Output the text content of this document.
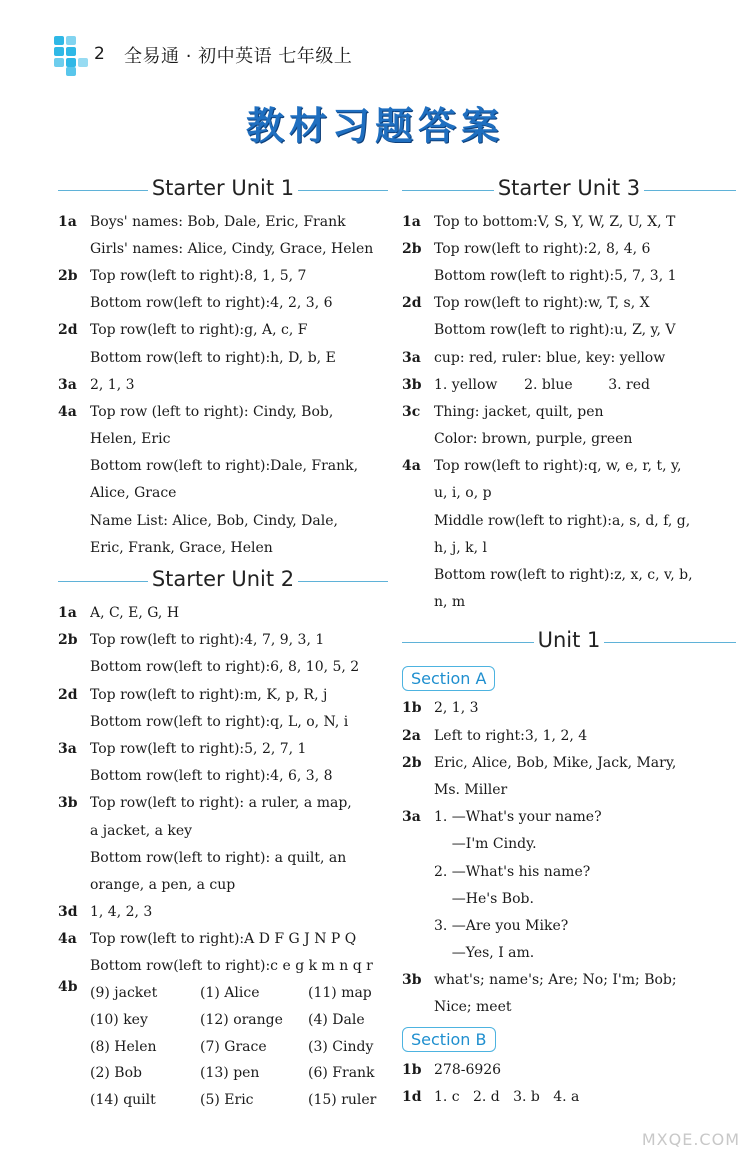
2 全易通 · 初中英语 七年级上
教材习题答案
Starter Unit 1
1a Boys' names: Bob, Dale, Eric, Frank
Girls' names: Alice, Cindy, Grace, Helen
2b Top row(left to right):8, 1, 5, 7
Bottom row(left to right):4, 2, 3, 6
2d Top row(left to right):g, A, c, F
Bottom row(left to right):h, D, b, E
3a 2, 1, 3
4a Top row (left to right): Cindy, Bob,
Helen, Eric
Bottom row(left to right):Dale, Frank,
Alice, Grace
Name List: Alice, Bob, Cindy, Dale,
Eric, Frank, Grace, Helen
Starter Unit 2
1a A, C, E, G, H
2b Top row(left to right):4, 7, 9, 3, 1
Bottom row(left to right):6, 8, 10, 5, 2
2d Top row(left to right):m, K, p, R, j
Bottom row(left to right):q, L, o, N, i
3a Top row(left to right):5, 2, 7, 1
Bottom row(left to right):4, 6, 3, 8
3b Top row(left to right): a ruler, a map,
a jacket, a key
Bottom row(left to right): a quilt, an
orange, a pen, a cup
3d 1, 4, 2, 3
4a Top row(left to right):A D F G J N P Q
Bottom row(left to right):c e g k m n q r
4b (9) jacket	(1) Alice	(11) map
(10) key	(12) orange	(4) Dale
(8) Helen	(7) Grace	(3) Cindy
(2) Bob	(13) pen	(6) Frank
(14) quilt	(5) Eric	(15) ruler
Starter Unit 3
1a Top to bottom:V, S, Y, W, Z, U, X, T
2b Top row(left to right):2, 8, 4, 6
Bottom row(left to right):5, 7, 3, 1
2d Top row(left to right):w, T, s, X
Bottom row(left to right):u, Z, y, V
3a cup: red, ruler: blue, key: yellow
3b 1. yellow      2. blue        3. red
3c Thing: jacket, quilt, pen
Color: brown, purple, green
4a Top row(left to right):q, w, e, r, t, y,
u, i, o, p
Middle row(left to right):a, s, d, f, g,
h, j, k, l
Bottom row(left to right):z, x, c, v, b,
n, m
Unit 1
Section A
1b 2, 1, 3
2a Left to right:3, 1, 2, 4
2b Eric, Alice, Bob, Mike, Jack, Mary,
Ms. Miller
3a 1. —What's your name?
—I'm Cindy.
2. —What's his name?
—He's Bob.
3. —Are you Mike?
—Yes, I am.
3b what's; name's; Are; No; I'm; Bob;
Nice; meet
Section B
1b 278-6926
1d 1. c   2. d   3. b   4. a
MXQE.COM
